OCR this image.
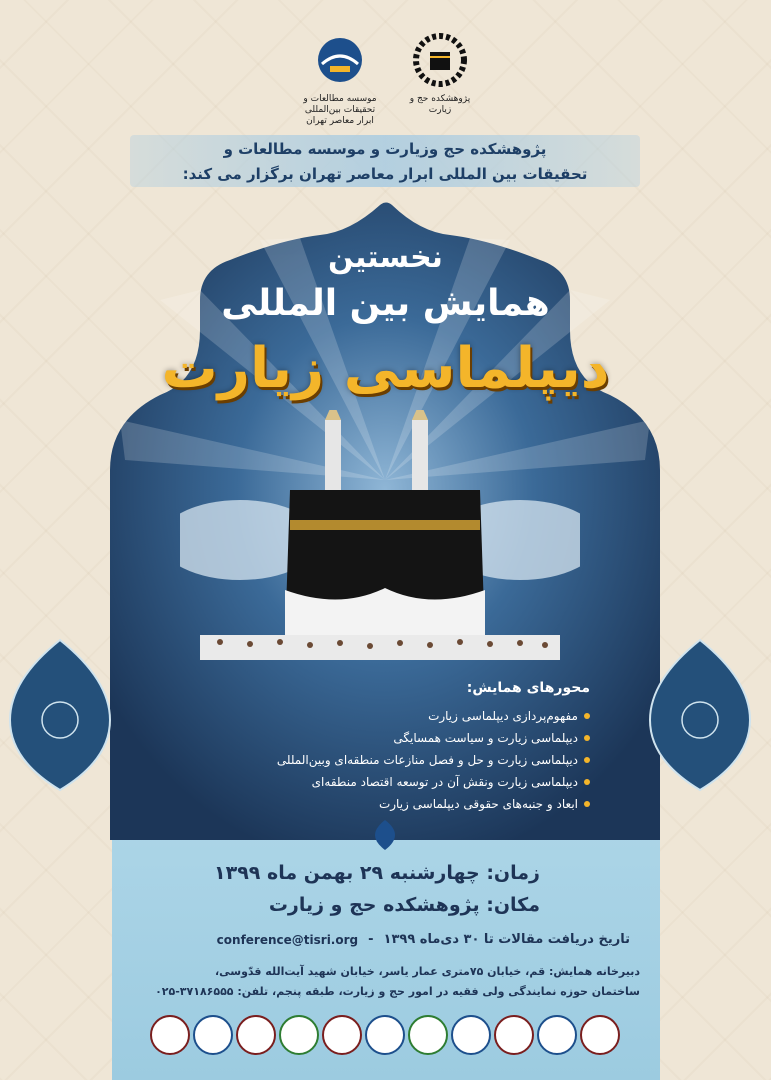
موسسه مطالعات و تحقیقات بین‌المللی ابرار معاصر تهران
پژوهشکده حج و زیارت
پژوهشکده حج وزیارت و موسسه مطالعات و
تحقیقات بین المللی ابرار معاصر تهران برگزار می کند:
نخستین
همایش بین المللی
دیپلماسی زیارت
محورهای همایش:
مفهوم‌پردازی دیپلماسی زیارت
دیپلماسی زیارت و سیاست همسایگی
دیپلماسی زیارت و حل و فصل منازعات منطقه‌ای وبین‌المللی
دیپلماسی زیارت ونقش آن در توسعه اقتصاد منطقه‌ای
ابعاد و جنبه‌های حقوقی دیپلماسی زیارت
زمان: چهارشنبه ۲۹ بهمن ماه ۱۳۹۹
مکان: پژوهشکده حج و زیارت
تاریخ دریافت مقالات تا ۳۰ دی‌ماه ۱۳۹۹
-
conference@tisri.org
دبیرخانه همایش: قم، خیابان ۷۵متری عمار یاسر، خیابان شهید آیت‌الله قدّوسی،
ساختمان حوزه نمایندگی ولی فقیه در امور حج و زیارت، طبقه پنجم، تلفن: ۳۷۱۸۶۵۵۵-۰۲۵
